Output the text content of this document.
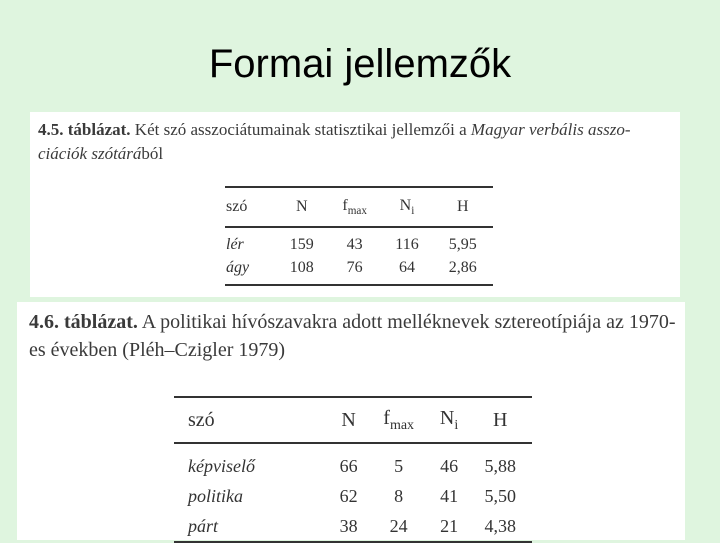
Formai jellemzők
4.5. táblázat. Két szó asszociátumainak statisztikai jellemzői a Magyar verbális asszo-ciációk szótárából
szó	N	$f_{max}$	$N_i$	H
lér	159	43	116	5,95
ágy	108	76	64	2,86
4.6. táblázat. A politikai hívószavakra adott melléknevek sztereotípiája az 1970-es években (Pléh–Czigler 1979)
szó	N	$f_{max}$	$N_i$	H
képviselő	66	5	46	5,88
politika	62	8	41	5,50
párt	38	24	21	4,38
